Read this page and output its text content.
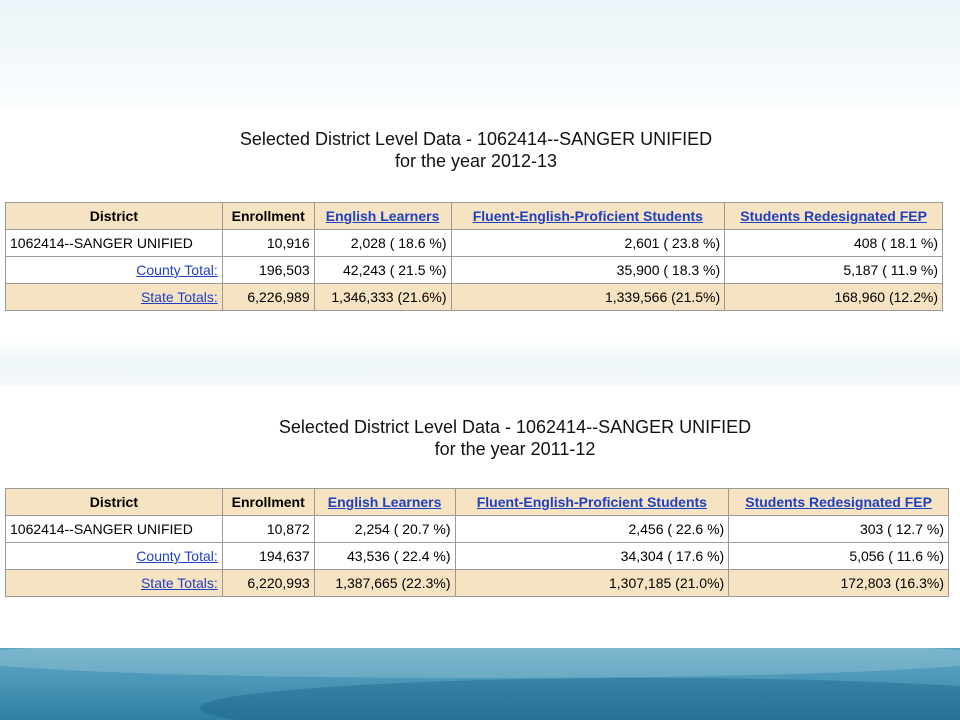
Selected District Level Data - 1062414--SANGER UNIFIED
for the year 2012-13
District	Enrollment	English Learners	Fluent-English-Proficient Students	Students Redesignated FEP
1062414--SANGER UNIFIED	10,916	2,028 ( 18.6 %)	2,601 ( 23.8 %)	408 ( 18.1 %)
County Total:	196,503	42,243 ( 21.5 %)	35,900 ( 18.3 %)	5,187 ( 11.9 %)
State Totals:	6,226,989	1,346,333 (21.6%)	1,339,566 (21.5%)	168,960 (12.2%)
Selected District Level Data - 1062414--SANGER UNIFIED
for the year 2011-12
District	Enrollment	English Learners	Fluent-English-Proficient Students	Students Redesignated FEP
1062414--SANGER UNIFIED	10,872	2,254 ( 20.7 %)	2,456 ( 22.6 %)	303 ( 12.7 %)
County Total:	194,637	43,536 ( 22.4 %)	34,304 ( 17.6 %)	5,056 ( 11.6 %)
State Totals:	6,220,993	1,387,665 (22.3%)	1,307,185 (21.0%)	172,803 (16.3%)
